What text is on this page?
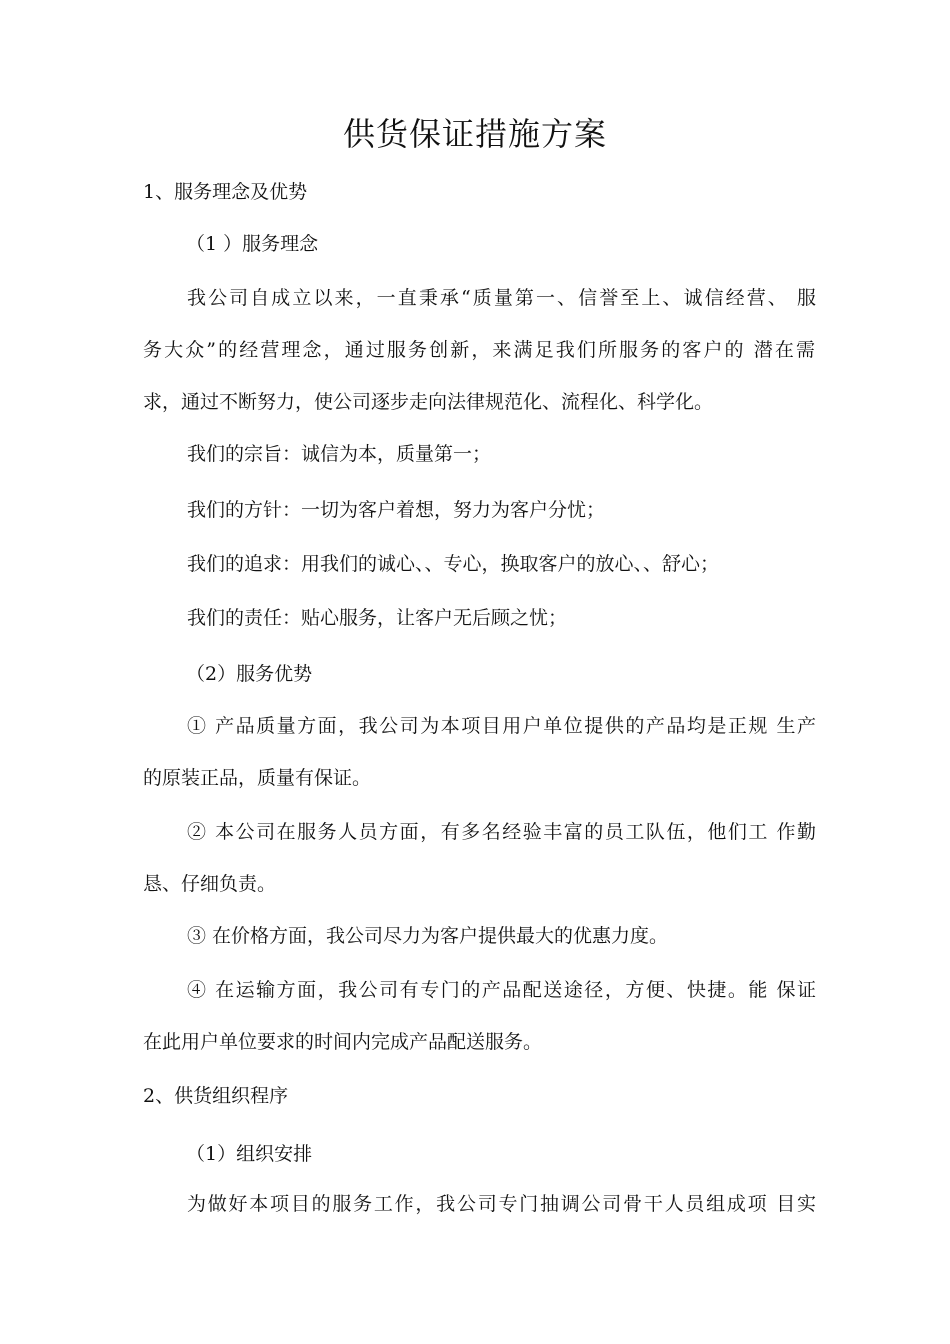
供货保证措施方案
1、服务理念及优势
（1 ）服务理念
我公司自成立以来，一直秉承“质量第一、信誉至上、诚信经营、 服
务大众”的经营理念，通过服务创新，来满足我们所服务的客户的 潜在需
求，通过不断努力，使公司逐步走向法律规范化、流程化、科学化。
我们的宗旨：诚信为本，质量第一；
我们的方针：一切为客户着想，努力为客户分忧；
我们的追求：用我们的诚心、、专心，换取客户的放心、、舒心；
我们的责任：贴心服务，让客户无后顾之忧；
（2）服务优势
① 产品质量方面，我公司为本项目用户单位提供的产品均是正规 生产
的原装正品，质量有保证。
② 本公司在服务人员方面，有多名经验丰富的员工队伍，他们工 作勤
恳、仔细负责。
③ 在价格方面，我公司尽力为客户提供最大的优惠力度。
④ 在运输方面，我公司有专门的产品配送途径，方便、快捷。能 保证
在此用户单位要求的时间内完成产品配送服务。
2、供货组织程序
（1）组织安排
为做好本项目的服务工作，我公司专门抽调公司骨干人员组成项 目实
